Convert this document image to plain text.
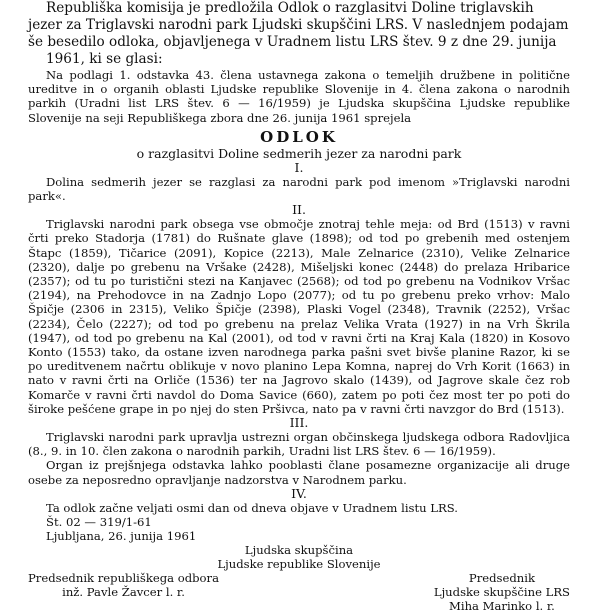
Republiška komisija je predložila Odlok o razglasitvi Doline triglavskih
jezer za Triglavski narodni park Ljudski skupščini LRS. V naslednjem podajam
še besedilo odloka, objavljenega v Uradnem listu LRS štev. 9 z dne 29. junija
1961, ki se glasi:

Na podlagi 1. odstavka 43. člena ustavnega zakona o temeljih družbene in politične ureditve in o organih oblasti Ljudske republike Slovenije in 4. člena zakona o narodnih parkih (Uradni list LRS štev. 6 — 16/1959) je Ljudska skupščina Ljudske republike Slovenije na seji Republiškega zbora dne 26. junija 1961 sprejela

ODLOK

o razglasitvi Doline sedmerih jezer za narodni park

I.

Dolina sedmerih jezer se razglasi za narodni park pod imenom »Triglavski narodni park«.

II.

Triglavski narodni park obsega vse območje znotraj tehle meja: od Brd (1513) v ravni črti preko Stadorja (1781) do Rušnate glave (1898); od tod po grebenih med ostenjem Štapc (1859), Tičarice (2091), Kopice (2213), Male Zelnarice (2310), Velike Zelnarice (2320), dalje po grebenu na Vršake (2428), Mišeljski konec (2448) do prelaza Hribarice (2357); od tu po turistični stezi na Kanjavec (2568); od tod po grebenu na Vodnikov Vršac (2194), na Prehodovce in na Zadnjo Lopo (2077); od tu po grebenu preko vrhov: Malo Špičje (2306 in 2315), Veliko Špičje (2398), Plaski Vogel (2348), Travnik (2252), Vršac (2234), Čelo (2227); od tod po grebenu na prelaz Velika Vrata (1927) in na Vrh Škrila (1947), od tod po grebenu na Kal (2001), od tod v ravni črti na Kraj Kala (1820) in Kosovo Konto (1553) tako, da ostane izven narodnega parka pašni svet bivše planine Razor, ki se po ureditvenem načrtu oblikuje v novo planino Lepa Komna, naprej do Vrh Korit (1663) in nato v ravni črti na Orliče (1536) ter na Jagrovo skalo (1439), od Jagrove skale čez rob Komarče v ravni črti navdol do Doma Savice (660), zatem po poti čez most ter po poti do široke pešćene grape in po njej do sten Pršivca, nato pa v ravni črti navzgor do Brd (1513).

III.

Triglavski narodni park upravlja ustrezni organ občinskega ljudskega odbora Radovljica (8., 9. in 10. člen zakona o narodnih parkih, Uradni list LRS štev. 6 — 16/1959).

Organ iz prejšnjega odstavka lahko pooblasti člane posamezne organizacije ali druge osebe za neposredno opravljanje nadzorstva v Narodnem parku.

IV.

Ta odlok začne veljati osmi dan od dneva objave v Uradnem listu LRS.

Št. 02 — 319/1-61

Ljubljana, 26. junija 1961

Ljudska skupščina

Ljudske republike Slovenije

Predsednik republiškega odbora
inž. Pavle Žavcer l. r.
Predsednik
Ljudske skupščine LRS
Miha Marinko l. r.
